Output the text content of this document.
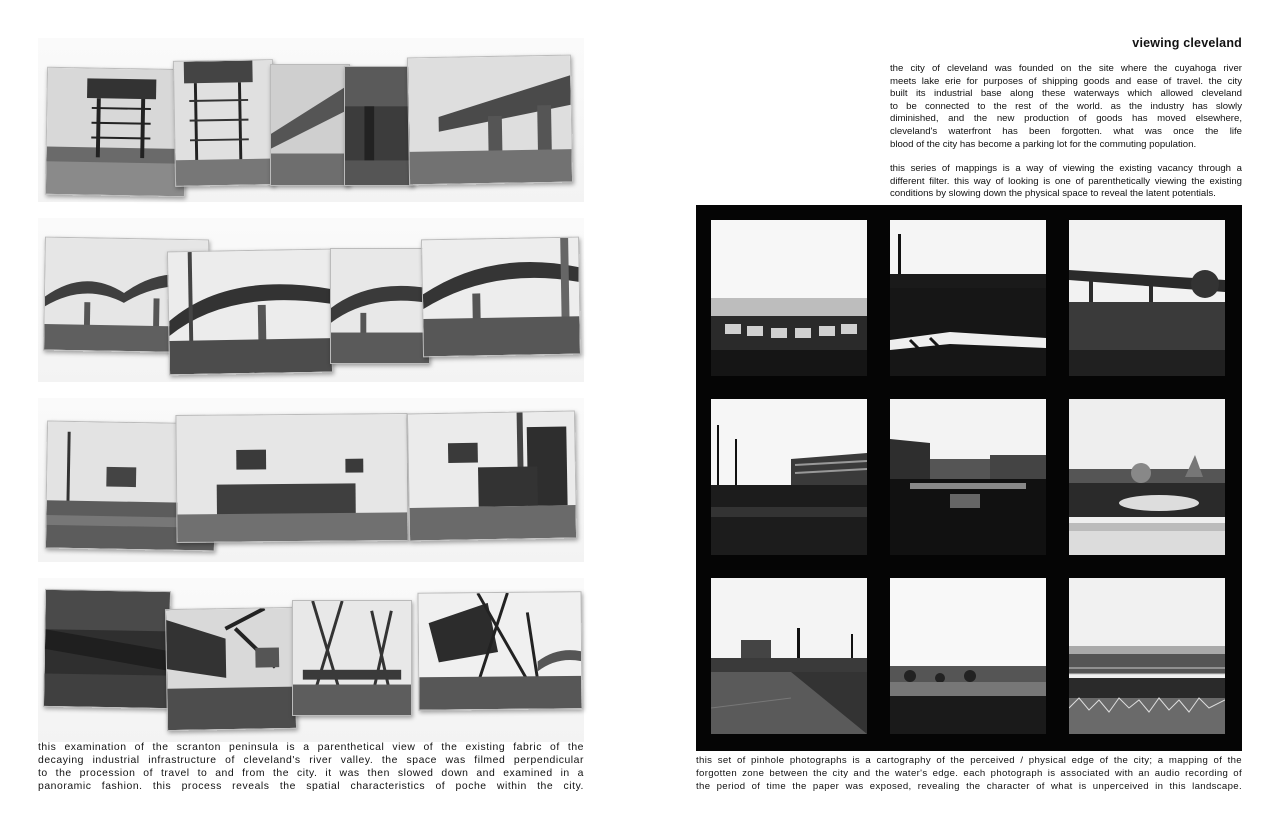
this examination of the scranton peninsula is a parenthetical view of the existing fabric of the
decaying industrial infrastructure of cleveland's river valley. the space was filmed perpendicular
to the procession of travel to and from the city. it was then slowed down and examined in a
panoramic fashion. this process reveals the spatial characteristics of poche within the city.
viewing cleveland

the city of cleveland was founded on the site where the cuyahoga river
meets lake erie for purposes of shipping goods and ease of travel. the city
built its industrial base along these waterways which allowed cleveland
to be connected to the rest of the world. as the industry has slowly
diminished, and the new production of goods has moved elsewhere,
cleveland's waterfront has been forgotten. what was once the life
blood of the city has become a parking lot for the commuting population.

this series of mappings is a way of viewing the existing vacancy through a
different filter. this way of looking is one of parenthetically viewing the existing
conditions by slowing down the physical space to reveal the latent potentials.

this set of pinhole photographs is a cartography of the perceived / physical edge of the city; a mapping of the
forgotten zone between the city and the water's edge. each photograph is associated with an audio recording of
the period of time the paper was exposed, revealing the character of what is unperceived in this landscape.
